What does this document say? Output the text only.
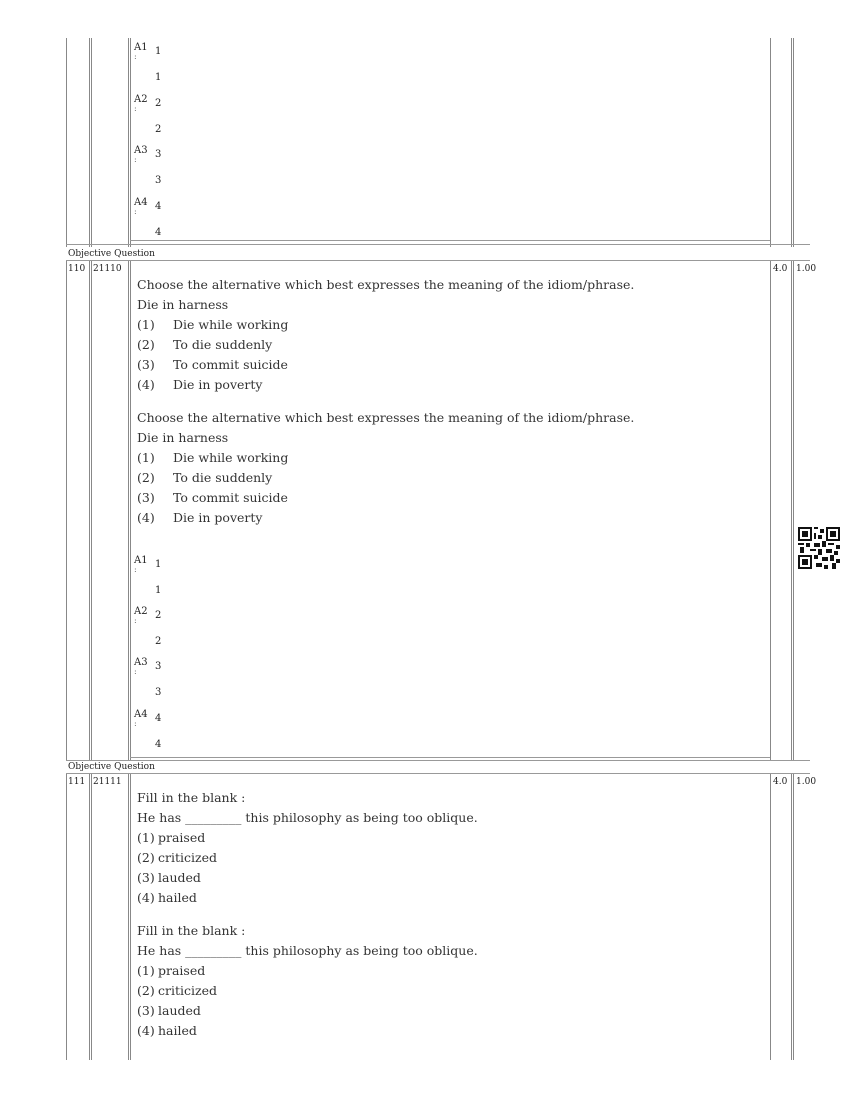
A1
: 1
1
A2
: 2
2
A3
: 3
3
A4
: 4
4
Objective Question
110 21110	4.0 1.00
Choose the alternative which best expresses the meaning of the idiom/phrase.
Die in harness
(1)	Die while working
(2)	To die suddenly
(3)	To commit suicide
(4)	Die in poverty
Choose the alternative which best expresses the meaning of the idiom/phrase.
Die in harness
(1)	Die while working
(2)	To die suddenly
(3)	To commit suicide
(4)	Die in poverty
A1
: 1
1
A2
: 2
2
A3
: 3
3
A4
: 4
4
Objective Question
111 21111	4.0 1.00
Fill in the blank :
He has _________ this philosophy as being too oblique.
(1) praised
(2) criticized
(3) lauded
(4) hailed
Fill in the blank :
He has _________ this philosophy as being too oblique.
(1) praised
(2) criticized
(3) lauded
(4) hailed
